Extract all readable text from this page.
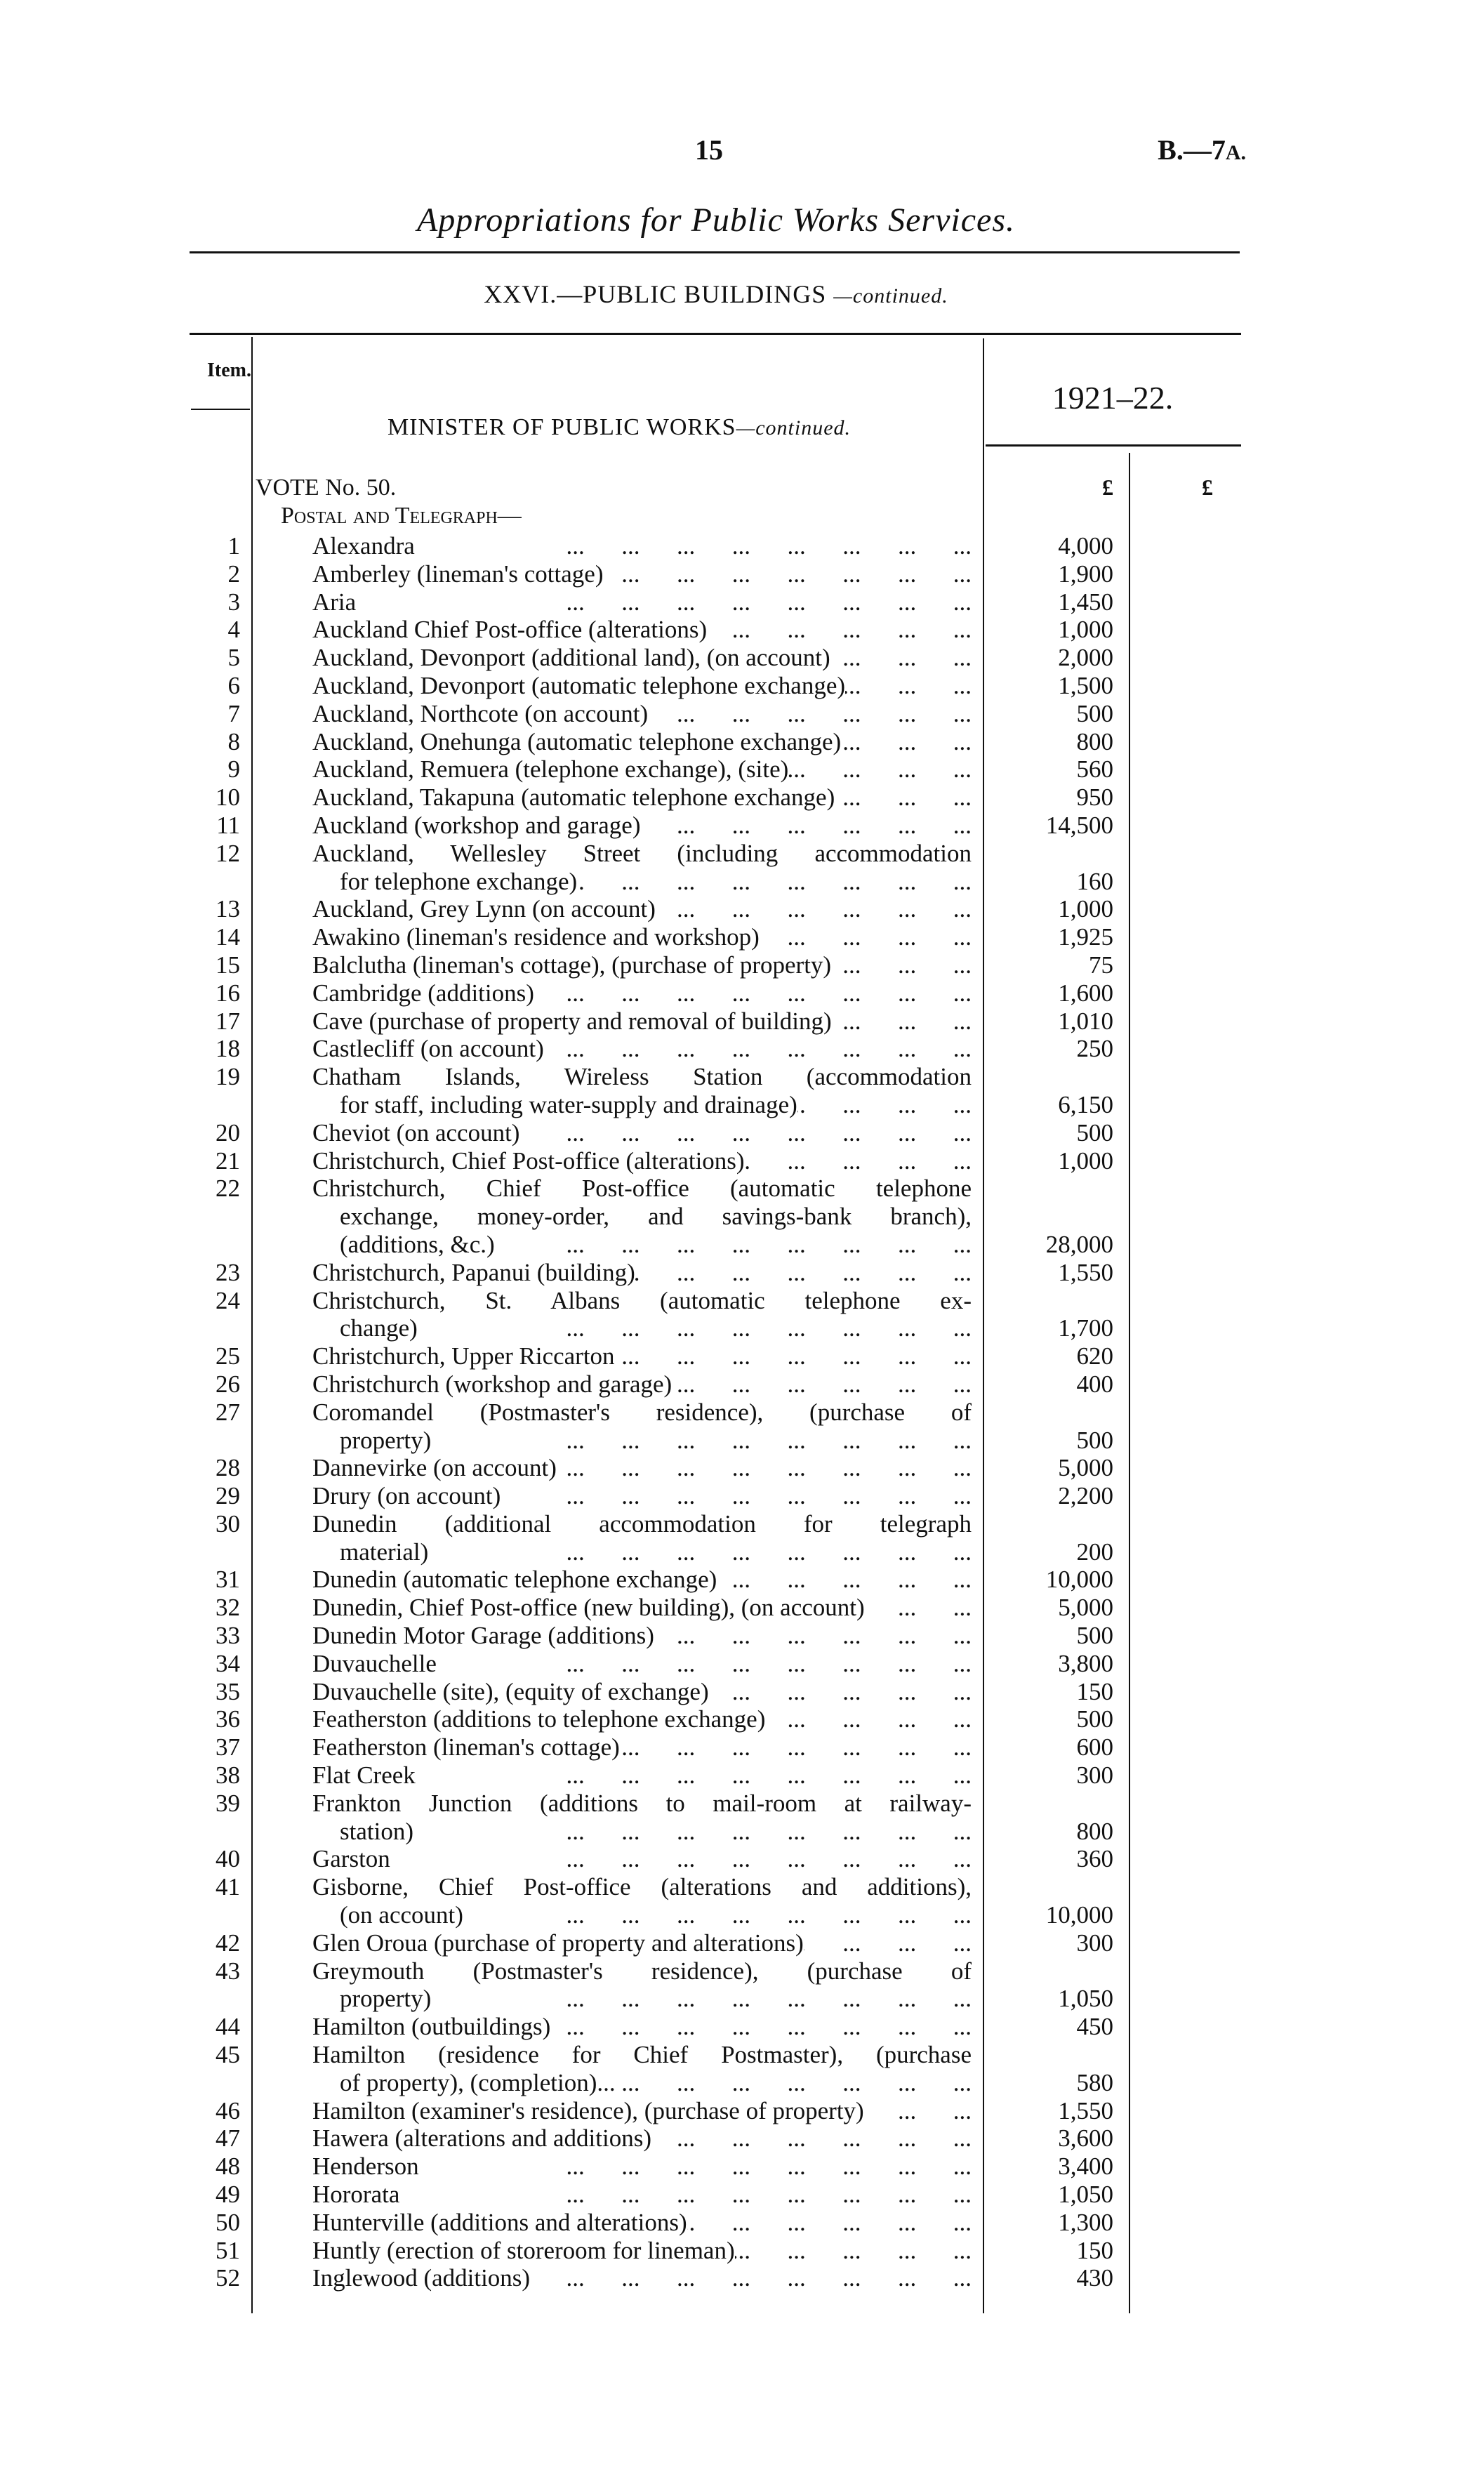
15	B.—7A.
Appropriations for Public Works Services.
XXVI.—PUBLIC BUILDINGS —continued.
Item.
1921–22.
MINISTER OF PUBLIC WORKS—continued.
VOTE No. 50.	£	£
Postal and Telegraph—
1	Alexandra ...	4,000
2	Amberley (lineman's cottage) ...	1,900
3	Aria ...	1,450
4	Auckland Chief Post-office (alterations) ...	1,000
5	Auckland, Devonport (additional land), (on account) ...	2,000
6	Auckland, Devonport (automatic telephone exchange) ...	1,500
7	Auckland, Northcote (on account) ...	500
8	Auckland, Onehunga (automatic telephone exchange) ...	800
9	Auckland, Remuera (telephone exchange), (site) ...	560
10	Auckland, Takapuna (automatic telephone exchange) ...	950
11	Auckland (workshop and garage) ...	14,500
12	Auckland, Wellesley Street (including accommodation
for telephone exchange) ...	160
13	Auckland, Grey Lynn (on account) ...	1,000
14	Awakino (lineman's residence and workshop) ...	1,925
15	Balclutha (lineman's cottage), (purchase of property) ...	75
16	Cambridge (additions) ...	1,600
17	Cave (purchase of property and removal of building) ...	1,010
18	Castlecliff (on account) ...	250
19	Chatham Islands, Wireless Station (accommodation
for staff, including water-supply and drainage) ...	6,150
20	Cheviot (on account) ...	500
21	Christchurch, Chief Post-office (alterations) ...	1,000
22	Christchurch, Chief Post-office (automatic telephone
exchange, money-order, and savings-bank branch),
(additions, &c.) ...	28,000
23	Christchurch, Papanui (building) ...	1,550
24	Christchurch, St. Albans (automatic telephone ex-
change) ...	1,700
25	Christchurch, Upper Riccarton ...	620
26	Christchurch (workshop and garage) ...	400
27	Coromandel (Postmaster's residence), (purchase of
property) ...	500
28	Dannevirke (on account) ...	5,000
29	Drury (on account) ...	2,200
30	Dunedin (additional accommodation for telegraph
material) ...	200
31	Dunedin (automatic telephone exchange) ...	10,000
32	Dunedin, Chief Post-office (new building), (on account) ...	5,000
33	Dunedin Motor Garage (additions) ...	500
34	Duvauchelle ...	3,800
35	Duvauchelle (site), (equity of exchange) ...	150
36	Featherston (additions to telephone exchange) ...	500
37	Featherston (lineman's cottage) ...	600
38	Flat Creek ...	300
39	Frankton Junction (additions to mail-room at railway-
station) ...	800
40	Garston ...	360
41	Gisborne, Chief Post-office (alterations and additions),
(on account) ...	10,000
42	Glen Oroua (purchase of property and alterations) ...	300
43	Greymouth (Postmaster's residence), (purchase of
property) ...	1,050
44	Hamilton (outbuildings) ...	450
45	Hamilton (residence for Chief Postmaster), (purchase
of property), (completion)... ...	580
46	Hamilton (examiner's residence), (purchase of property) ...	1,550
47	Hawera (alterations and additions) ...	3,600
48	Henderson ...	3,400
49	Hororata ...	1,050
50	Hunterville (additions and alterations) ...	1,300
51	Huntly (erection of storeroom for lineman) ...	150
52	Inglewood (additions) ...	430
